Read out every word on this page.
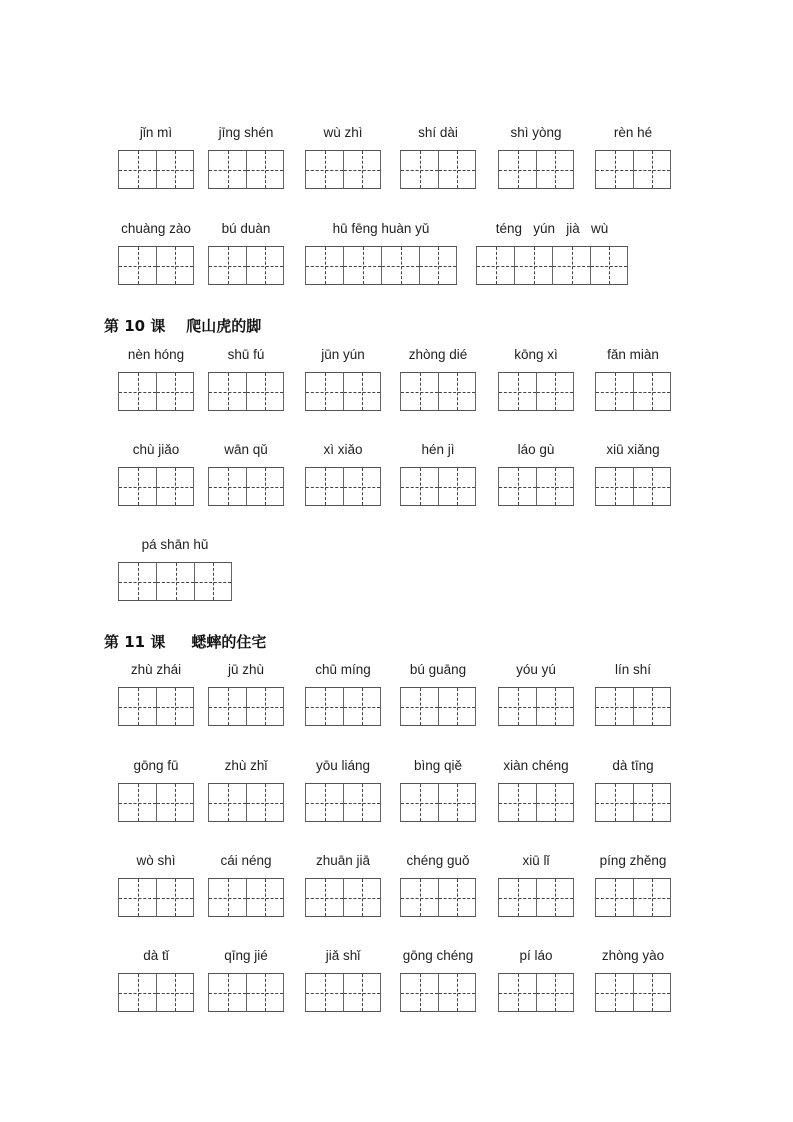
jǐn mì	jīng shén	wù zhì	shí dài	shì yòng	rèn hé
chuàng zào	bú duàn	hū fēng huàn yǔ	téng   yún   jià   wù
nèn hóng	shū fú	jūn yún	zhòng dié	kōng xì	fǎn miàn
chù jiǎo	wān qǔ	xì xiǎo	hén jì	láo gù	xiū xiǎng
pá shān hǔ
zhù zhái	jū zhù	chū míng	bú guāng	yóu yú	lín shí
gōng fū	zhù zhǐ	yōu liáng	bìng qiě	xiàn chéng	dà tīng
wò shì	cái néng	zhuān jiā	chéng guǒ	xiū lǐ	píng zhěng
dà tǐ	qīng jié	jiǎ shǐ	gōng chéng	pí láo	zhòng yào
第 10 课    爬山虎的脚
第 11 课     蟋蟀的住宅
